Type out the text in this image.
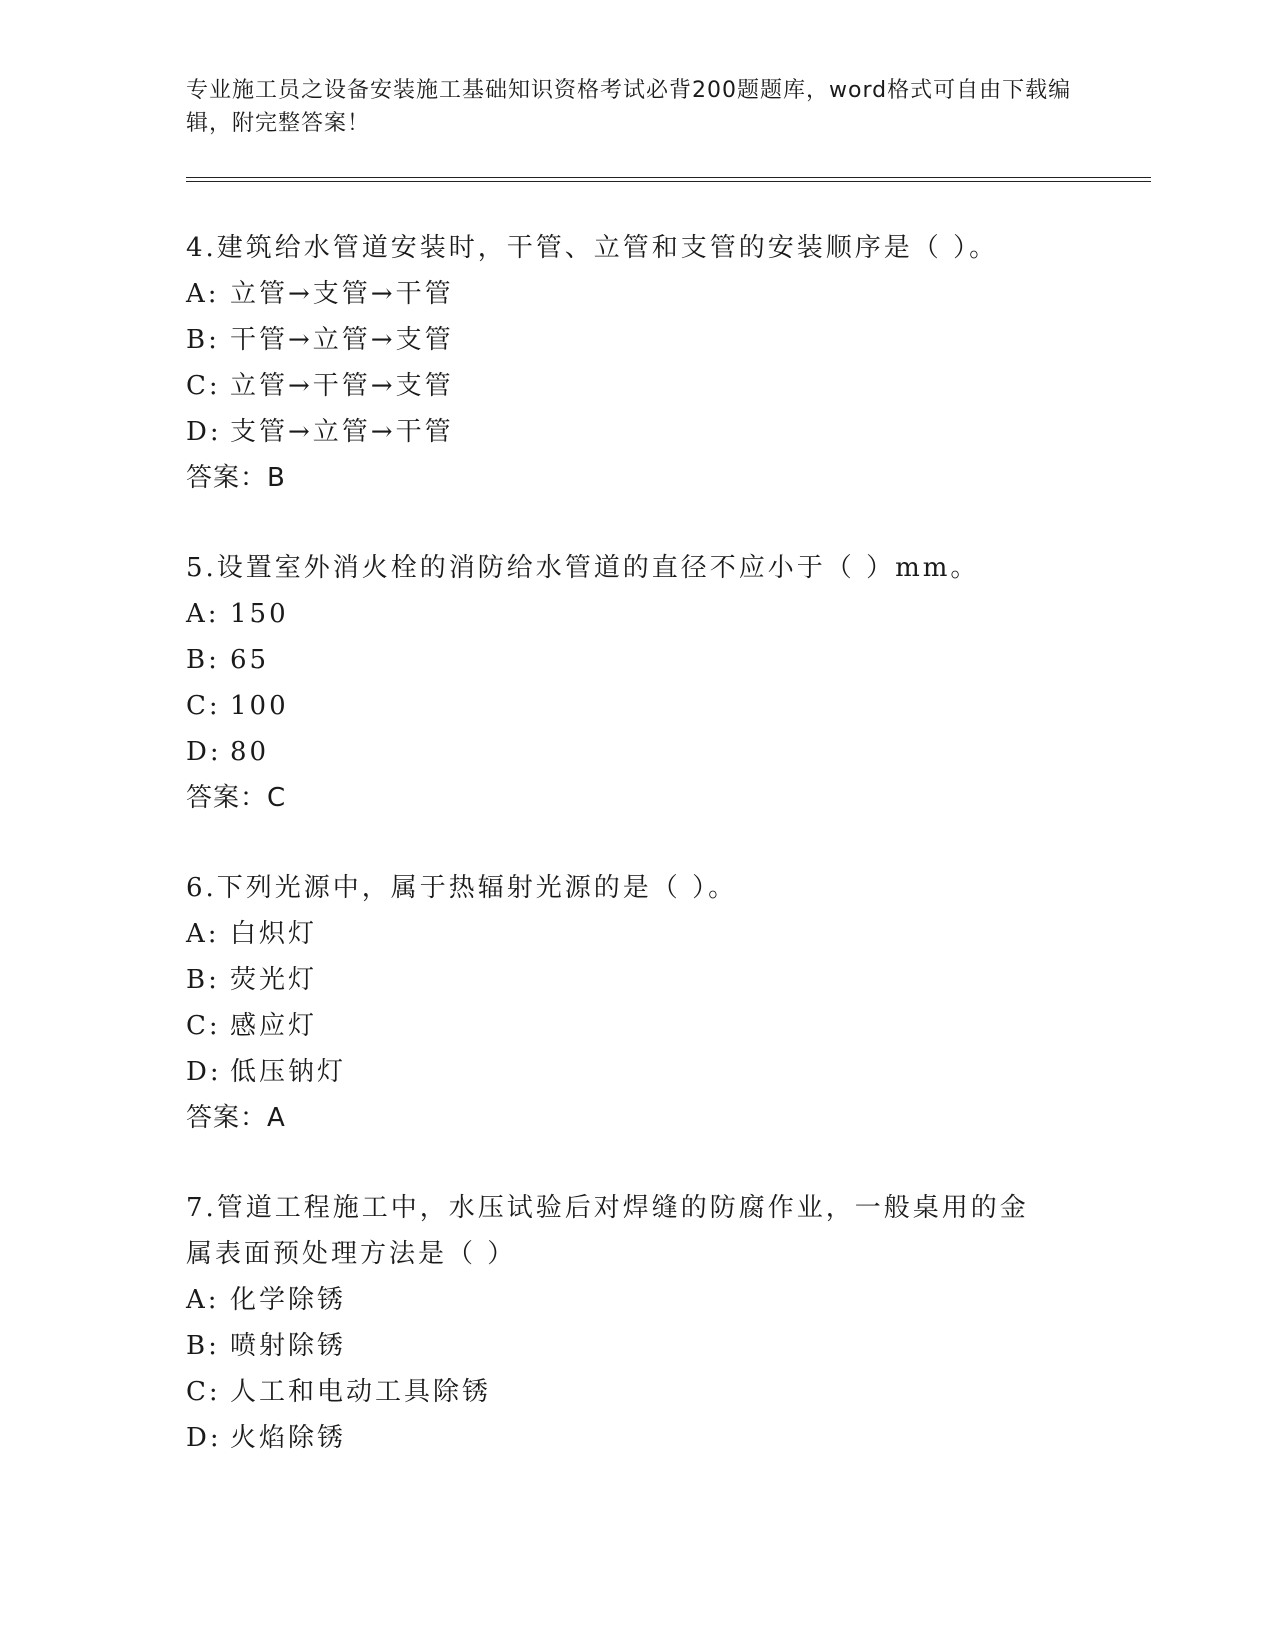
专业施工员之设备安装施工基础知识资格考试必背200题题库，word格式可自由下载编辑，附完整答案！
4.建筑给水管道安装时，干管、立管和支管的安装顺序是（ ）。
A: 立管→支管→干管
B: 干管→立管→支管
C: 立管→干管→支管
D: 支管→立管→干管
答案：B
5.设置室外消火栓的消防给水管道的直径不应小于（ ）mm。
A: 150
B: 65
C: 100
D: 80
答案：C
6.下列光源中，属于热辐射光源的是（ ）。
A: 白炽灯
B: 荧光灯
C: 感应灯
D: 低压钠灯
答案：A
7.管道工程施工中，水压试验后对焊缝的防腐作业，一般桌用的金属表面预处理方法是（ ）
A: 化学除锈
B: 喷射除锈
C: 人工和电动工具除锈
D: 火焰除锈
